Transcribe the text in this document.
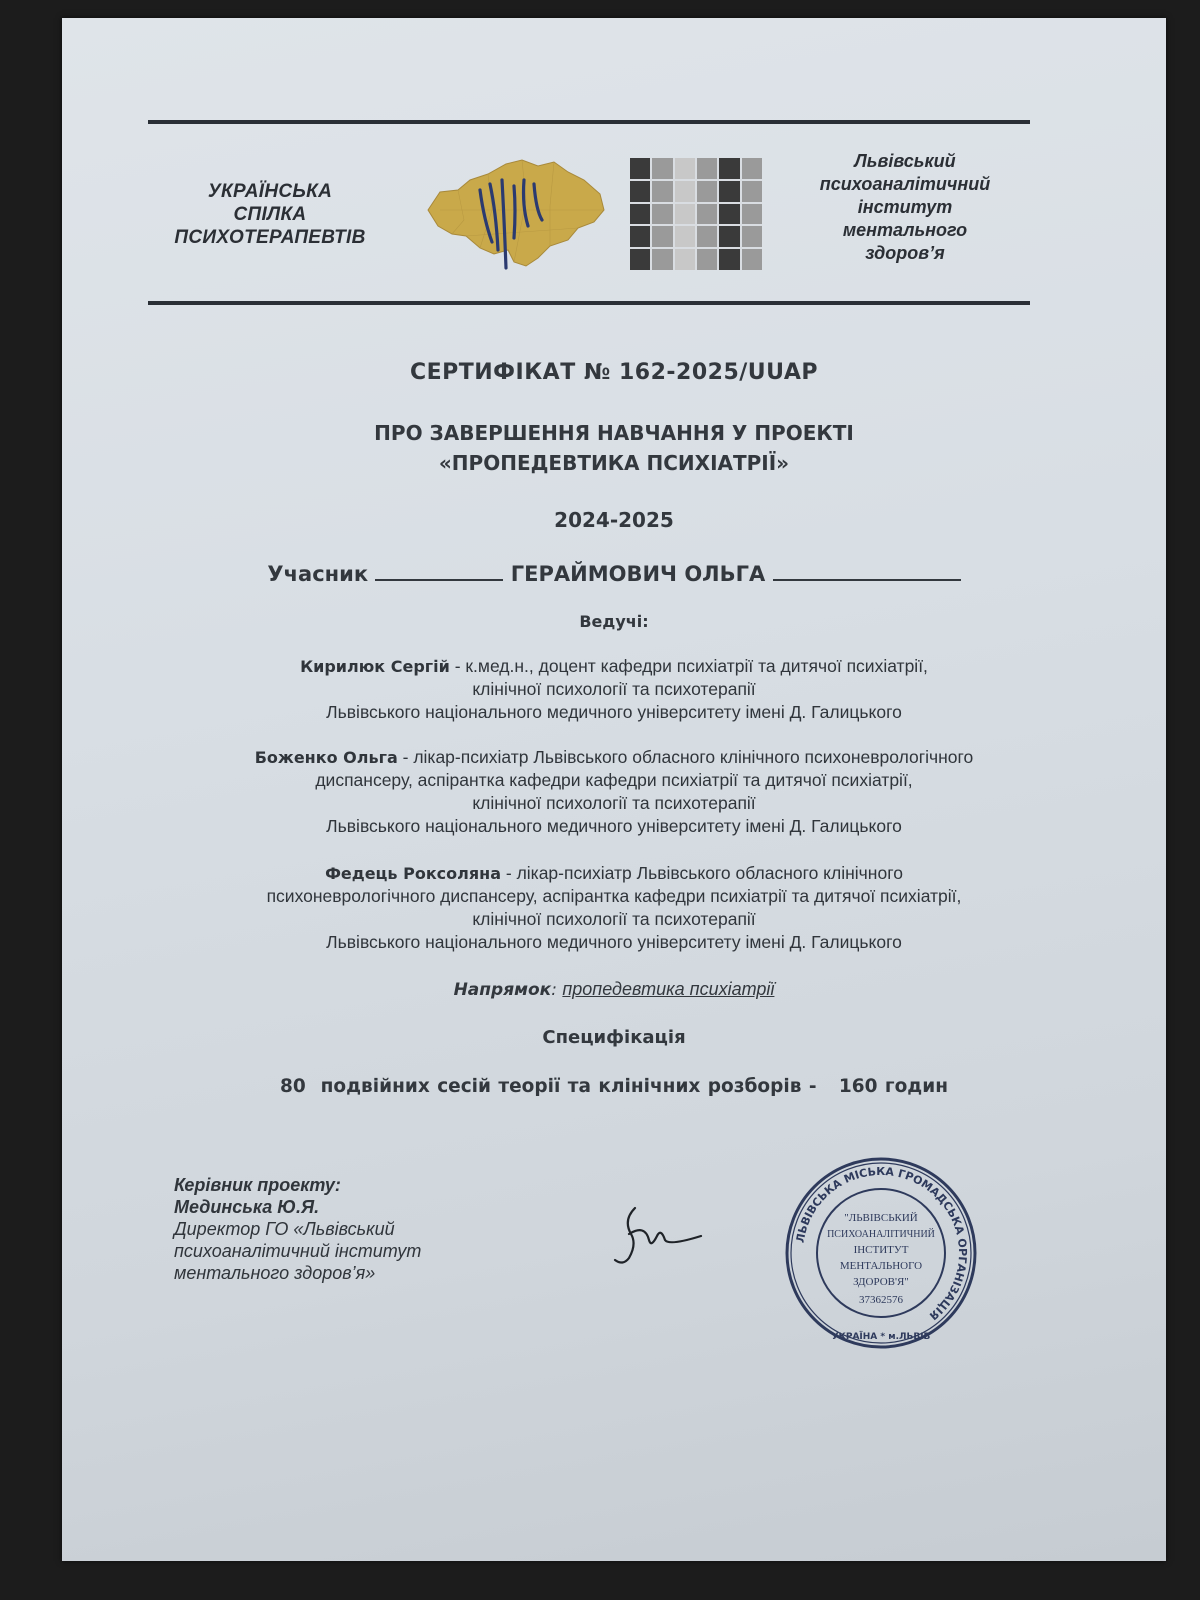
УКРАЇНСЬКА
СПІЛКА
ПСИХОТЕРАПЕВТІВ
Львівський
психоаналітичний
інститут
ментального
здоров’я
СЕРТИФІКАТ № 162-2025/UUAP
ПРО ЗАВЕРШЕННЯ НАВЧАННЯ У ПРОЕКТІ
«ПРОПЕДЕВТИКА ПСИХІАТРІЇ»
2024-2025
Учасник	ГЕРАЙМОВИЧ ОЛЬГА
Ведучі:
Кирилюк Сергій - к.мед.н., доцент кафедри психіатрії та дитячої психіатрії,
клінічної психології та психотерапії
Львівського національного медичного університету імені Д. Галицького
Боженко Ольга - лікар-психіатр Львівського обласного клінічного психоневрологічного
диспансеру, аспірантка кафедри кафедри психіатрії та дитячої психіатрії,
клінічної психології та психотерапії
Львівського національного медичного університету імені Д. Галицького
Федець Роксоляна - лікар-психіатр Львівського обласного клінічного
психоневрологічного диспансеру, аспірантка кафедри психіатрії та дитячої психіатрії,
клінічної психології та психотерапії
Львівського національного медичного університету імені Д. Галицького
Напрямок: пропедевтика психіатрії
Специфікація
80  подвійних сесій теорії та клінічних розборів -   160 годин
Керівник проекту:
Мединська Ю.Я.
Директор ГО «Львівський
психоаналітичний інститут
ментального здоров’я»
ЛЬВІВСЬКА МІСЬКА ГРОМАДСЬКА ОРГАНІЗАЦІЯ
"ЛЬВІВСЬКИЙ
ПСИХОАНАЛІТИЧНИЙ
ІНСТИТУТ
МЕНТАЛЬНОГО
ЗДОРОВ'Я"
37362576
УКРАЇНА * м.ЛЬВІВ
